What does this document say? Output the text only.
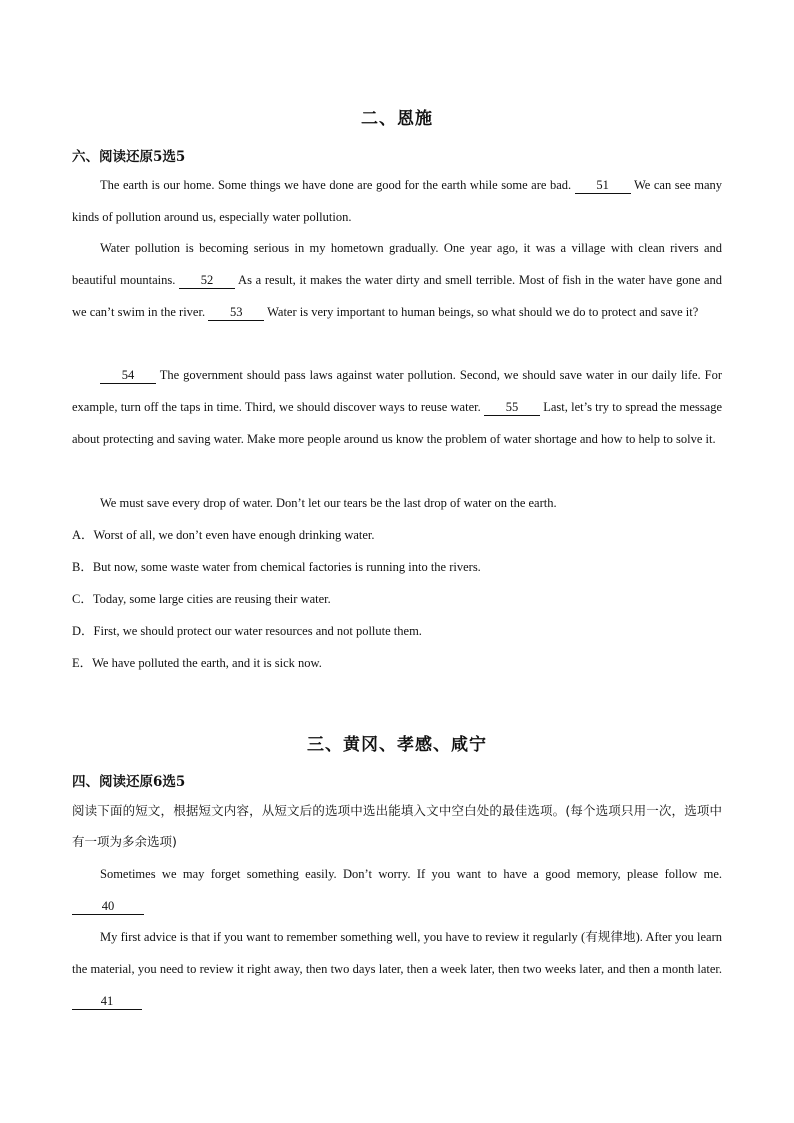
二、恩施
六、阅读还原5选5
The earth is our home. Some things we have done are good for the earth while some are bad. 51 We can see many kinds of pollution around us, especially water pollution.
Water pollution is becoming serious in my hometown gradually. One year ago, it was a village with clean rivers and beautiful mountains. 52 As a result, it makes the water dirty and smell terrible. Most of fish in the water have gone and we can’t swim in the river. 53 Water is very important to human beings, so what should we do to protect and save it?
54 The government should pass laws against water pollution. Second, we should save water in our daily life. For example, turn off the taps in time. Third, we should discover ways to reuse water. 55 Last, let’s try to spread the message about protecting and saving water. Make more people around us know the problem of water shortage and how to help to solve it.
We must save every drop of water. Don’t let our tears be the last drop of water on the earth.
A．Worst of all, we don’t even have enough drinking water.
B．But now, some waste water from chemical factories is running into the rivers.
C．Today, some large cities are reusing their water.
D．First, we should protect our water resources and not pollute them.
E．We have polluted the earth, and it is sick now.
三、黄冈、孝感、咸宁
四、阅读还原6选5
阅读下面的短文，根据短文内容，从短文后的选项中选出能填入文中空白处的最佳选项。(每个选项只用一次，选项中有一项为多余选项)
Sometimes we may forget something easily. Don’t worry. If you want to have a good memory, please follow me. 40
My first advice is that if you want to remember something well, you have to review it regularly (有规律地). After you learn the material, you need to review it right away, then two days later, then a week later, then two weeks later, and then a month later. 41
